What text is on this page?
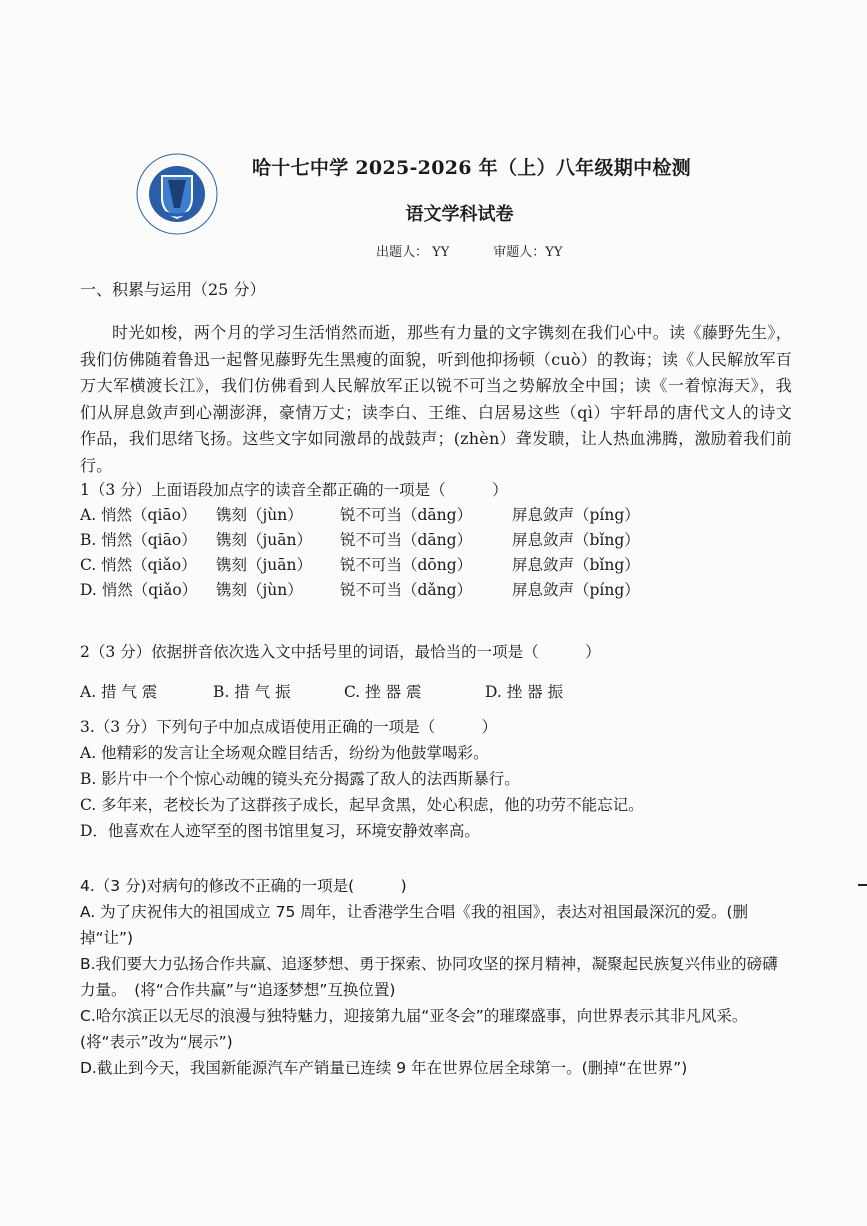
哈十七中学 2025-2026 年（上）八年级期中检测
语文学科试卷
出题人： YY	审题人：YY
一、积累与运用（25 分）
时光如梭，两个月的学习生活悄然而逝，那些有力量的文字镌刻在我们心中。读《藤野先生》，我们仿佛随着鲁迅一起瞥见藤野先生黑瘦的面貌，听到他抑扬顿（cuò）的教诲；读《人民解放军百万大军横渡长江》，我们仿佛看到人民解放军正以锐不可当之势解放全中国；读《一着惊海天》，我们从屏息敛声到心潮澎湃，豪情万丈；读李白、王维、白居易这些（qì）宇轩昂的唐代文人的诗文作品，我们思绪飞扬。这些文字如同激昂的战鼓声；(zhèn）聋发聩，让人热血沸腾，激励着我们前行。
1（3 分）上面语段加点字的读音全都正确的一项是（　　　）
A. 悄然（qiāo） 镌刻（jùn） 锐不可当（dāng）	屏息敛声（píng）
B. 悄然（qiāo） 镌刻（juān） 锐不可当（dāng）	屏息敛声（bǐng）
C. 悄然（qiǎo） 镌刻（juān） 锐不可当（dōng）	屏息敛声（bǐng）
D. 悄然（qiǎo） 镌刻（jùn） 锐不可当（dǎng）	屏息敛声（píng）
2（3 分）依据拼音依次选入文中括号里的词语，最恰当的一项是（　　　）
A. 措 气 震	B. 措 气 振	C. 挫 器 震	D. 挫 器 振
3.（3 分）下列句子中加点成语使用正确的一项是（　　　）
A. 他精彩的发言让全场观众瞠目结舌，纷纷为他鼓掌喝彩。
B. 影片中一个个惊心动魄的镜头充分揭露了敌人的法西斯暴行。
C. 多年来，老校长为了这群孩子成长，起早贪黑，处心积虑，他的功劳不能忘记。
D．他喜欢在人迹罕至的图书馆里复习，环境安静效率高。

4.（3 分)对病句的修改不正确的一项是(　　　)

A. 为了庆祝伟大的祖国成立 75 周年，让香港学生合唱《我的祖国》，表达对祖国最深沉的爱。(删掉“让”)

B.我们要大力弘扬合作共赢、追逐梦想、勇于探索、协同攻坚的探月精神，凝聚起民族复兴伟业的磅礴力量。　(将“合作共赢”与“追逐梦想”互换位置)

C.哈尔滨正以无尽的浪漫与独特魅力，迎接第九届“亚冬会”的璀璨盛事，向世界表示其非凡风采。(将“表示”改为“展示”)

D.截止到今天，我国新能源汽车产销量已连续 9 年在世界位居全球第一。(删掉“在世界”)
